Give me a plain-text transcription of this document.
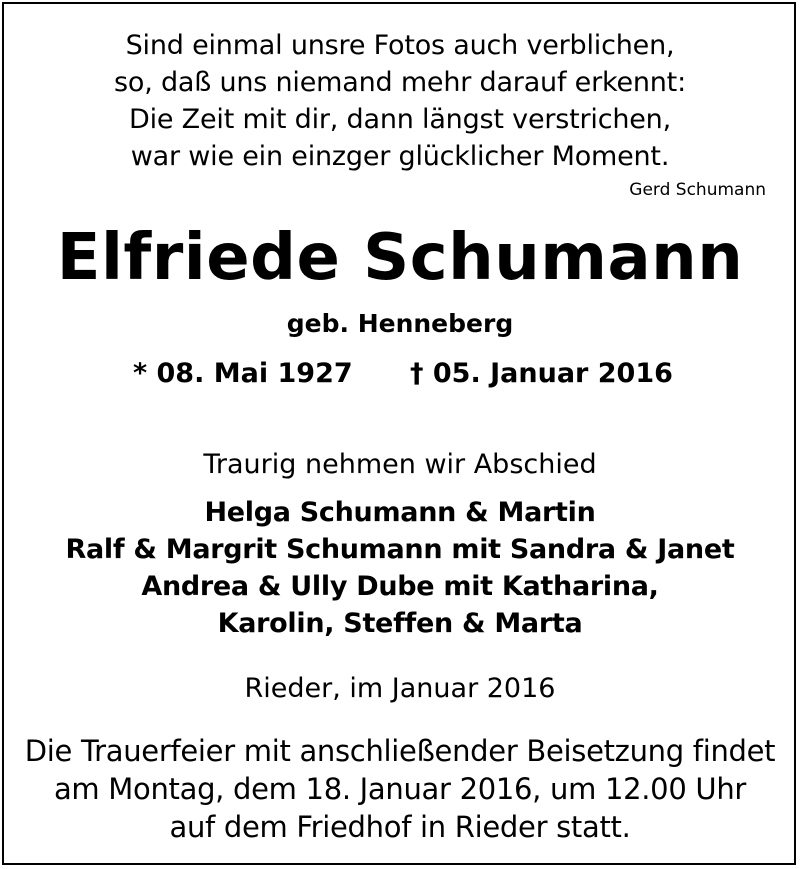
Sind einmal unsre Fotos auch verblichen,
so, daß uns niemand mehr darauf erkennt:
Die Zeit mit dir, dann längst verstrichen,
war wie ein einzger glücklicher Moment.
Gerd Schumann
Elfriede Schumann
geb. Henneberg
* 08. Mai 1927 † 05. Januar 2016
Traurig nehmen wir Abschied
Helga Schumann & Martin
Ralf & Margrit Schumann mit Sandra & Janet
Andrea & Ully Dube mit Katharina,
Karolin, Steffen & Marta
Rieder, im Januar 2016
Die Trauerfeier mit anschließender Beisetzung findet
am Montag, dem 18. Januar 2016, um 12.00 Uhr
auf dem Friedhof in Rieder statt.
